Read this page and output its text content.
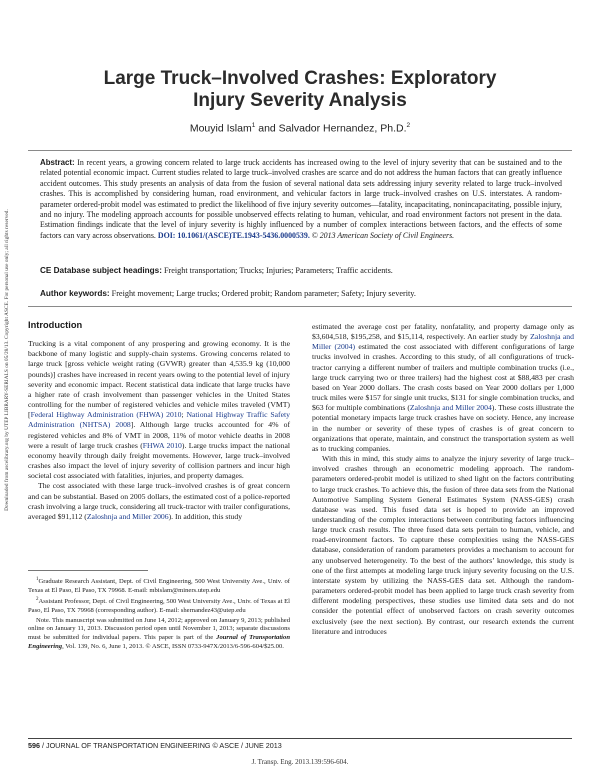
Downloaded from ascelibrary.org by UTEP LIBRARY-SERIALS on 05/28/13. Copyright ASCE. For personal use only; all rights reserved.
Large Truck–Involved Crashes: Exploratory
Injury Severity Analysis
Mouyid Islam$^1$ and Salvador Hernandez, Ph.D.$^2$
Abstract: In recent years, a growing concern related to large truck accidents has increased owing to the level of injury severity that can be sustained and to the related potential economic impact. Current studies related to large truck–involved crashes are scarce and do not address the human factors that can greatly influence accident outcomes. This study presents an analysis of data from the fusion of several national data sets addressing injury severity related to large truck–involved crashes. This is accomplished by considering human, road environment, and vehicular factors in large truck–involved crashes on U.S. interstates. A random-parameter ordered-probit model was estimated to predict the likelihood of five injury severity outcomes—fatality, incapacitating, nonincapacitating, possible injury, and no injury. The modeling approach accounts for possible unobserved effects relating to human, vehicular, and road environment factors not present in the data. Estimation findings indicate that the level of injury severity is highly influenced by a number of complex interactions between factors, and the effects of some factors can vary across observations. DOI: 10.1061/(ASCE)TE.1943-5436.0000539. © 2013 American Society of Civil Engineers.
CE Database subject headings: Freight transportation; Trucks; Injuries; Parameters; Traffic accidents.
Author keywords: Freight movement; Large trucks; Ordered probit; Random parameter; Safety; Injury severity.
Introduction

Trucking is a vital component of any prospering and growing economy. It is the backbone of many logistic and supply-chain systems. Growing concerns related to large truck [gross vehicle weight rating (GVWR) greater than 4,535.9 kg (10,000 pounds)] crashes have increased in recent years owing to the potential level of injury severity and economic impact. Recent statistical data indicate that large trucks have a higher rate of crash involvement than passenger vehicles in the United States controlling for the number of registered vehicles and vehicle miles traveled (VMT) [Federal Highway Administration (FHWA) 2010; National Highway Traffic Safety Administration (NHTSA) 2008]. Although large trucks accounted for 4% of registered vehicles and 8% of VMT in 2008, 11% of motor vehicle deaths in 2008 were a result of large truck crashes (FHWA 2010). Large trucks impact the national economy heavily through daily freight movements. However, large truck–involved crashes also impact the level of injury severity of collision partners and incur high societal cost associated with fatalities, injuries, and property damages.

The cost associated with these large truck–involved crashes is of great concern and can be substantial. Based on 2005 dollars, the estimated cost of a police-reported crash involving a large truck, considering all truck-tractor with trailer configurations, averaged $91,112 (Zaloshnja and Miller 2006). In addition, this study

estimated the average cost per fatality, nonfatality, and property damage only as $3,604,518, $195,258, and $15,114, respectively. An earlier study by Zaloshnja and Miller (2004) estimated the cost associated with different configurations of large trucks involved in crashes. According to this study, of all configurations of truck-tractor carrying a different number of trailers and multiple combination trucks (i.e., large truck carrying two or three trailers) had the highest cost at $88,483 per crash based on Year 2000 dollars. The crash costs based on Year 2000 dollars per 1,000 truck miles were $157 for single unit trucks, $131 for single combination trucks, and $63 for multiple combinations (Zaloshnja and Miller 2004). These costs illustrate the potential monetary impacts large truck crashes have on society. Hence, any increase in the number or severity of these types of crashes is of great concern to organizations that operate, maintain, and construct the transportation system as well as to trucking companies.

With this in mind, this study aims to analyze the injury severity of large truck–involved crashes through an econometric modeling approach. The random-parameters ordered-probit model is utilized to shed light on the factors contributing to large truck crashes. To achieve this, the fusion of three data sets from the National Automotive Sampling System General Estimates System (NASS-GES) crash database was used. This fused data set is hoped to provide an improved understanding of the complex interactions between contributing factors influencing large truck crash results. The three fused data sets pertain to human, vehicle, and road-environment factors. To capture these complexities using the NASS-GES database, consideration of random parameters provides a mechanism to account for any unobserved heterogeneity. To the best of the authors’ knowledge, this study is one of the first attempts at modeling large truck injury severity focusing on the U.S. interstate system by utilizing the NASS-GES data set. Although the random-parameters ordered-probit model has been applied to large truck crash severity from different modeling perspectives, these studies use limited data sets and do not consider the potential effect of unobserved factors on crash severity outcomes exclusively (see the next section). By contrast, our research extends the current literature and introduces

$^1$Graduate Research Assistant, Dept. of Civil Engineering, 500 West University Ave., Univ. of Texas at El Paso, El Paso, TX 79968. E-mail: mbislam@miners.utep.edu

$^2$Assistant Professor, Dept. of Civil Engineering, 500 West University Ave., Univ. of Texas at El Paso, El Paso, TX 79968 (corresponding author). E-mail: shernandez43@utep.edu

Note. This manuscript was submitted on June 14, 2012; approved on January 9, 2013; published online on January 11, 2013. Discussion period open until November 1, 2013; separate discussions must be submitted for individual papers. This paper is part of the Journal of Transportation Engineering, Vol. 139, No. 6, June 1, 2013. © ASCE, ISSN 0733-947X/2013/6-596-604/$25.00.

596 / JOURNAL OF TRANSPORTATION ENGINEERING © ASCE / JUNE 2013
J. Transp. Eng. 2013.139:596-604.
